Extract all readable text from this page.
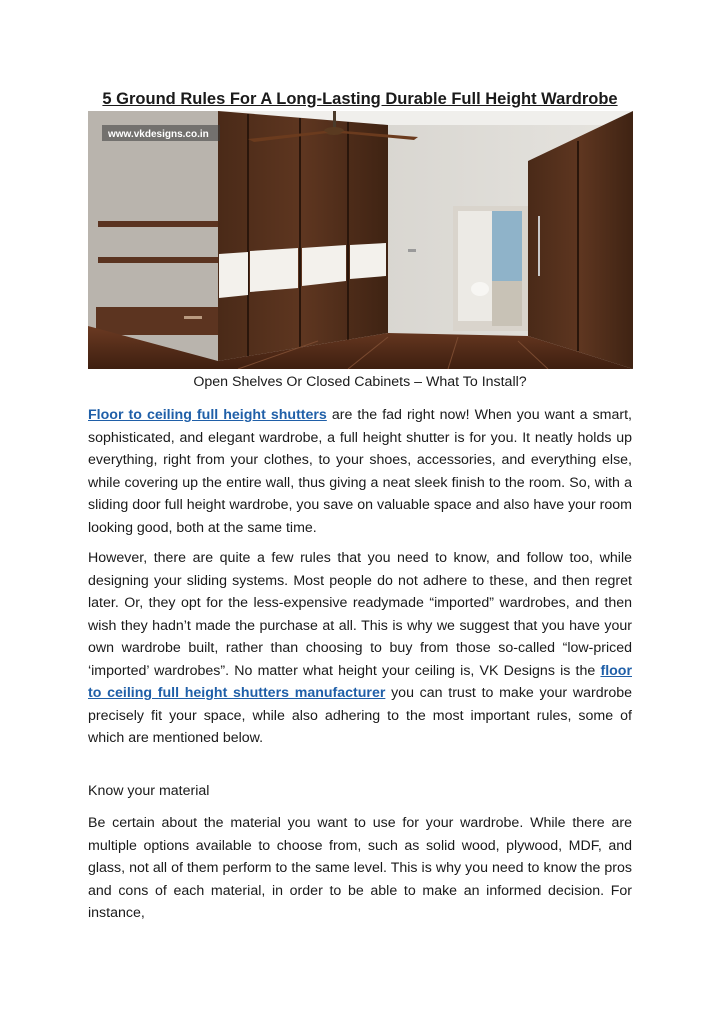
5 Ground Rules For A Long-Lasting Durable Full Height Wardrobe
www.vkdesigns.co.in

Open Shelves Or Closed Cabinets – What To Install?

Floor to ceiling full height shutters are the fad right now! When you want a smart, sophisticated, and elegant wardrobe, a full height shutter is for you. It neatly holds up everything, right from your clothes, to your shoes, accessories, and everything else, while covering up the entire wall, thus giving a neat sleek finish to the room. So, with a sliding door full height wardrobe, you save on valuable space and also have your room looking good, both at the same time.

However, there are quite a few rules that you need to know, and follow too, while designing your sliding systems. Most people do not adhere to these, and then regret later. Or, they opt for the less-expensive readymade “imported” wardrobes, and then wish they hadn’t made the purchase at all. This is why we suggest that you have your own wardrobe built, rather than choosing to buy from those so-called “low-priced ‘imported’ wardrobes”. No matter what height your ceiling is, VK Designs is the floor to ceiling full height shutters manufacturer you can trust to make your wardrobe precisely fit your space, while also adhering to the most important rules, some of which are mentioned below.

Know your material

Be certain about the material you want to use for your wardrobe. While there are multiple options available to choose from, such as solid wood, plywood, MDF, and glass, not all of them perform to the same level. This is why you need to know the pros and cons of each material, in order to be able to make an informed decision. For instance,
